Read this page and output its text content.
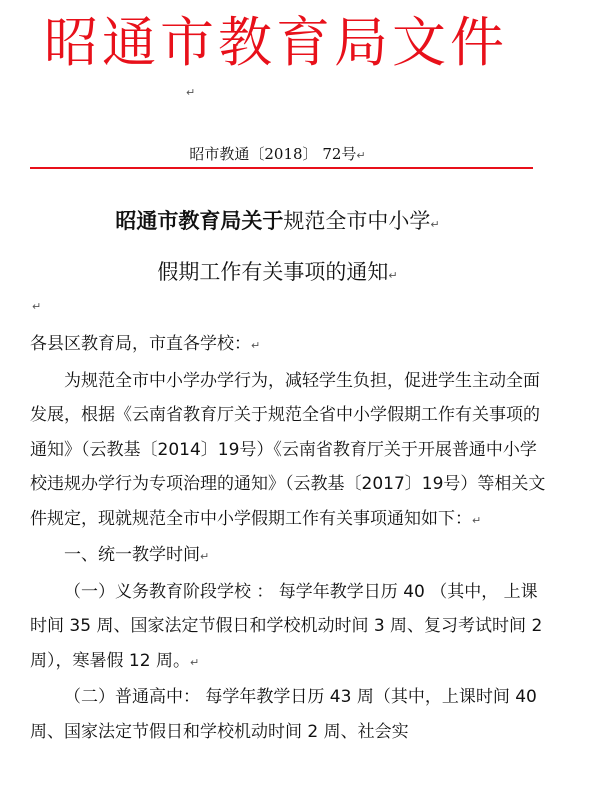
昭通市教育局文件
↵
昭市教通〔2018〕 72号↵
昭通市教育局关于规范全市中小学↵
假期工作有关事项的通知↵
↵

各县区教育局，市直各学校：↵

为规范全市中小学办学行为，减轻学生负担，促进学生主动全面发展，根据《云南省教育厅关于规范全省中小学假期工作有关事项的通知》（云教基〔2014〕19号）《云南省教育厅关于开展普通中小学校违规办学行为专项治理的通知》（云教基〔2017〕19号）等相关文件规定，现就规范全市中小学假期工作有关事项通知如下：↵

一、统一教学时间↵

（一）义务教育阶段学校 ： 每学年教学日历 40 （其中， 上课时间 35 周、国家法定节假日和学校机动时间 3 周、复习考试时间 2 周），寒暑假 12 周。↵

（二）普通高中： 每学年教学日历 43 周（其中，上课时间 40 周、国家法定节假日和学校机动时间 2 周、社会实
